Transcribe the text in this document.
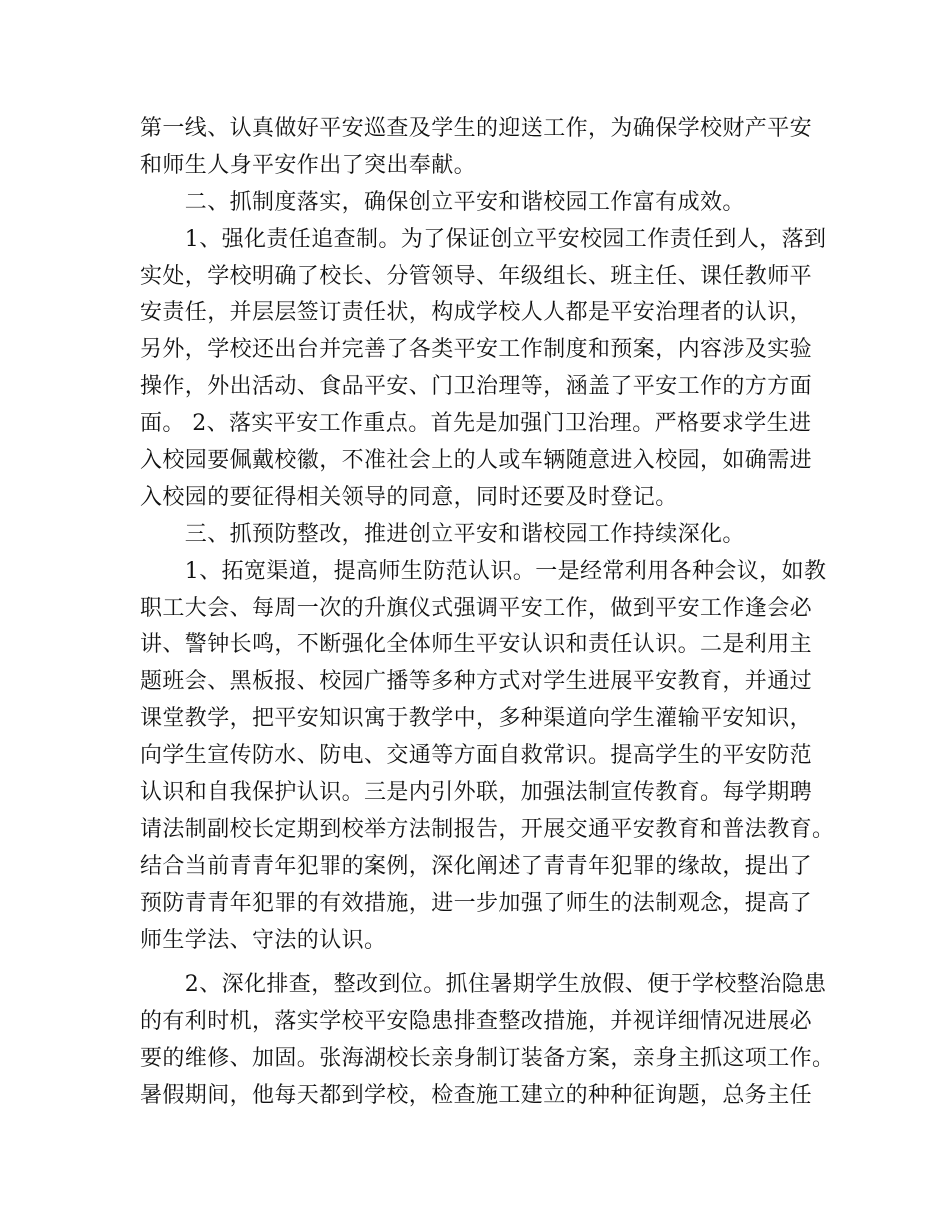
第一线、认真做好平安巡查及学生的迎送工作，为确保学校财产平安
和师生人身平安作出了突出奉献。
　　二、抓制度落实，确保创立平安和谐校园工作富有成效。
　　1、强化责任追查制。为了保证创立平安校园工作责任到人，落到
实处，学校明确了校长、分管领导、年级组长、班主任、课任教师平
安责任，并层层签订责任状，构成学校人人都是平安治理者的认识，
另外，学校还出台并完善了各类平安工作制度和预案，内容涉及实验
操作，外出活动、食品平安、门卫治理等，涵盖了平安工作的方方面
面。 2、落实平安工作重点。首先是加强门卫治理。严格要求学生进
入校园要佩戴校徽，不准社会上的人或车辆随意进入校园，如确需进
入校园的要征得相关领导的同意，同时还要及时登记。
　　三、抓预防整改，推进创立平安和谐校园工作持续深化。
　　1、拓宽渠道，提高师生防范认识。一是经常利用各种会议，如教
职工大会、每周一次的升旗仪式强调平安工作，做到平安工作逢会必
讲、警钟长鸣，不断强化全体师生平安认识和责任认识。二是利用主
题班会、黑板报、校园广播等多种方式对学生进展平安教育，并通过
课堂教学，把平安知识寓于教学中，多种渠道向学生灌输平安知识，
向学生宣传防水、防电、交通等方面自救常识。提高学生的平安防范
认识和自我保护认识。三是内引外联，加强法制宣传教育。每学期聘
请法制副校长定期到校举方法制报告，开展交通平安教育和普法教育。
结合当前青青年犯罪的案例，深化阐述了青青年犯罪的缘故，提出了
预防青青年犯罪的有效措施，进一步加强了师生的法制观念，提高了
师生学法、守法的认识。
　　2、深化排查，整改到位。抓住暑期学生放假、便于学校整治隐患
的有利时机，落实学校平安隐患排查整改措施，并视详细情况进展必
要的维修、加固。张海湖校长亲身制订装备方案，亲身主抓这项工作。
暑假期间，他每天都到学校，检查施工建立的种种征询题，总务主任
